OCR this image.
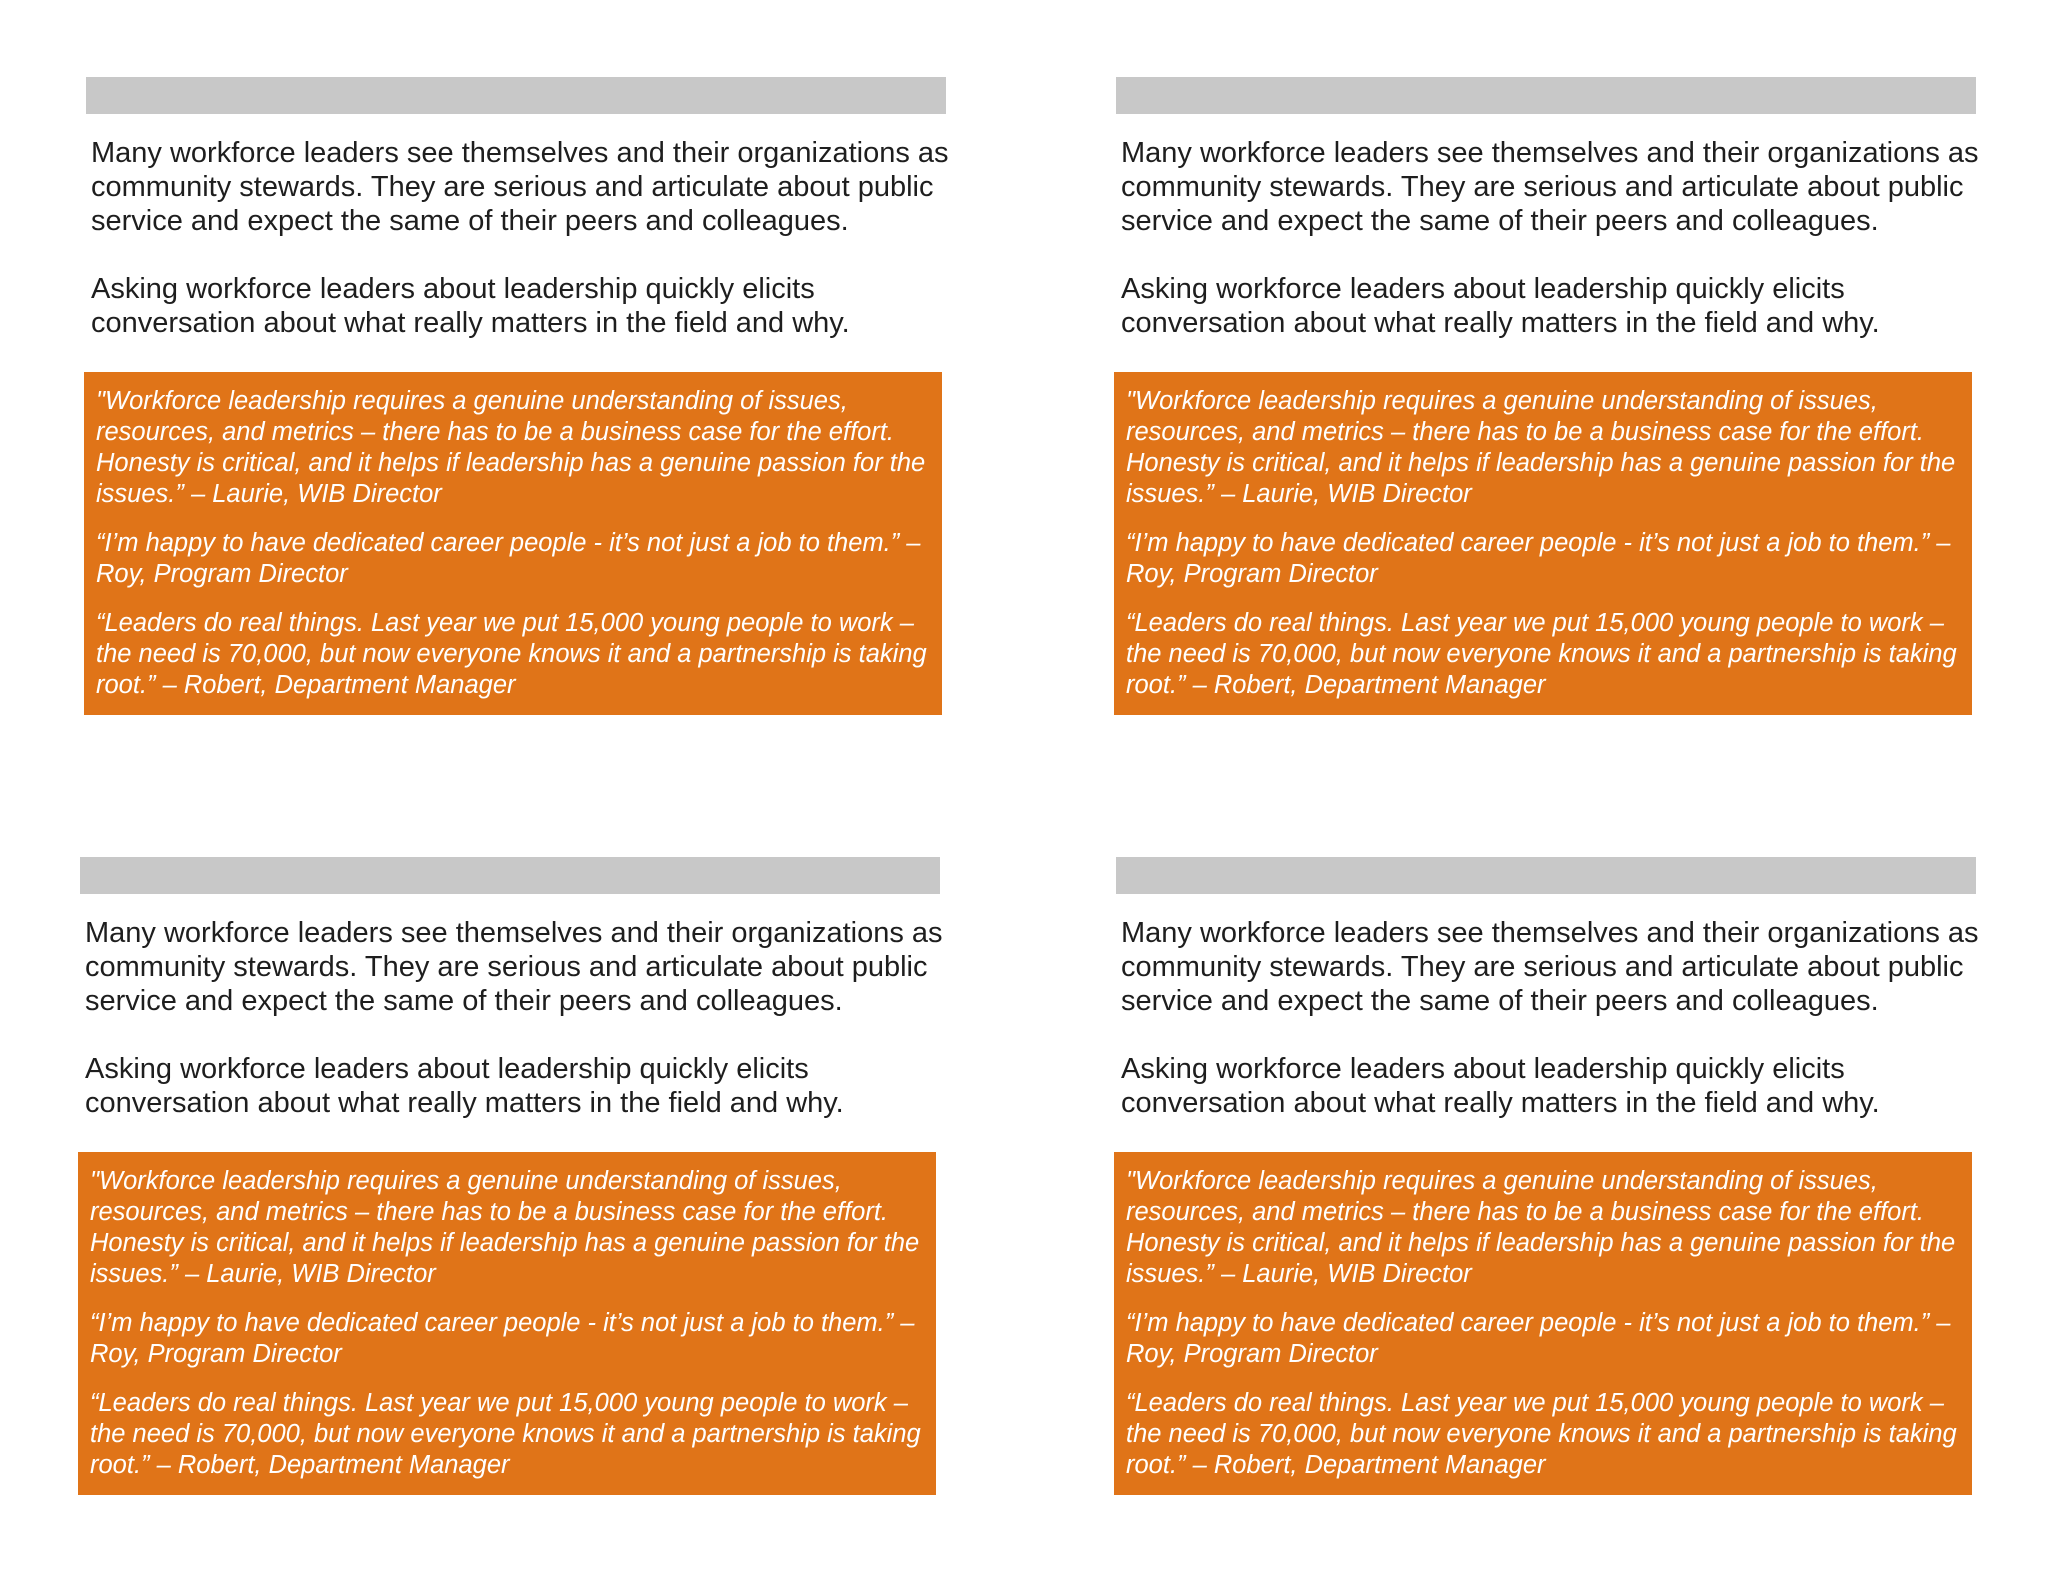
Many workforce leaders see themselves and their organizations as community stewards. They are serious and articulate about public service and expect the same of their peers and colleagues.

Asking workforce leaders about leadership quickly elicits conversation about what really matters in the field and why.

"Workforce leadership requires a genuine understanding of issues, resources, and metrics – there has to be a business case for the effort. Honesty is critical, and it helps if leadership has a genuine passion for the issues.” – Laurie, WIB Director

“I’m happy to have dedicated career people - it’s not just a job to them.” – Roy, Program Director

“Leaders do real things. Last year we put 15,000 young people to work – the need is 70,000, but now everyone knows it and a partnership is taking root.” – Robert, Department Manager

Many workforce leaders see themselves and their organizations as community stewards. They are serious and articulate about public service and expect the same of their peers and colleagues.

Asking workforce leaders about leadership quickly elicits conversation about what really matters in the field and why.

"Workforce leadership requires a genuine understanding of issues, resources, and metrics – there has to be a business case for the effort. Honesty is critical, and it helps if leadership has a genuine passion for the issues.” – Laurie, WIB Director

“I’m happy to have dedicated career people - it’s not just a job to them.” – Roy, Program Director

“Leaders do real things. Last year we put 15,000 young people to work – the need is 70,000, but now everyone knows it and a partnership is taking root.” – Robert, Department Manager

Many workforce leaders see themselves and their organizations as community stewards. They are serious and articulate about public service and expect the same of their peers and colleagues.

Asking workforce leaders about leadership quickly elicits conversation about what really matters in the field and why.

"Workforce leadership requires a genuine understanding of issues, resources, and metrics – there has to be a business case for the effort. Honesty is critical, and it helps if leadership has a genuine passion for the issues.” – Laurie, WIB Director

“I’m happy to have dedicated career people - it’s not just a job to them.” – Roy, Program Director

“Leaders do real things. Last year we put 15,000 young people to work – the need is 70,000, but now everyone knows it and a partnership is taking root.” – Robert, Department Manager

Many workforce leaders see themselves and their organizations as community stewards. They are serious and articulate about public service and expect the same of their peers and colleagues.

Asking workforce leaders about leadership quickly elicits conversation about what really matters in the field and why.

"Workforce leadership requires a genuine understanding of issues, resources, and metrics – there has to be a business case for the effort. Honesty is critical, and it helps if leadership has a genuine passion for the issues.” – Laurie, WIB Director

“I’m happy to have dedicated career people - it’s not just a job to them.” – Roy, Program Director

“Leaders do real things. Last year we put 15,000 young people to work – the need is 70,000, but now everyone knows it and a partnership is taking root.” – Robert, Department Manager
